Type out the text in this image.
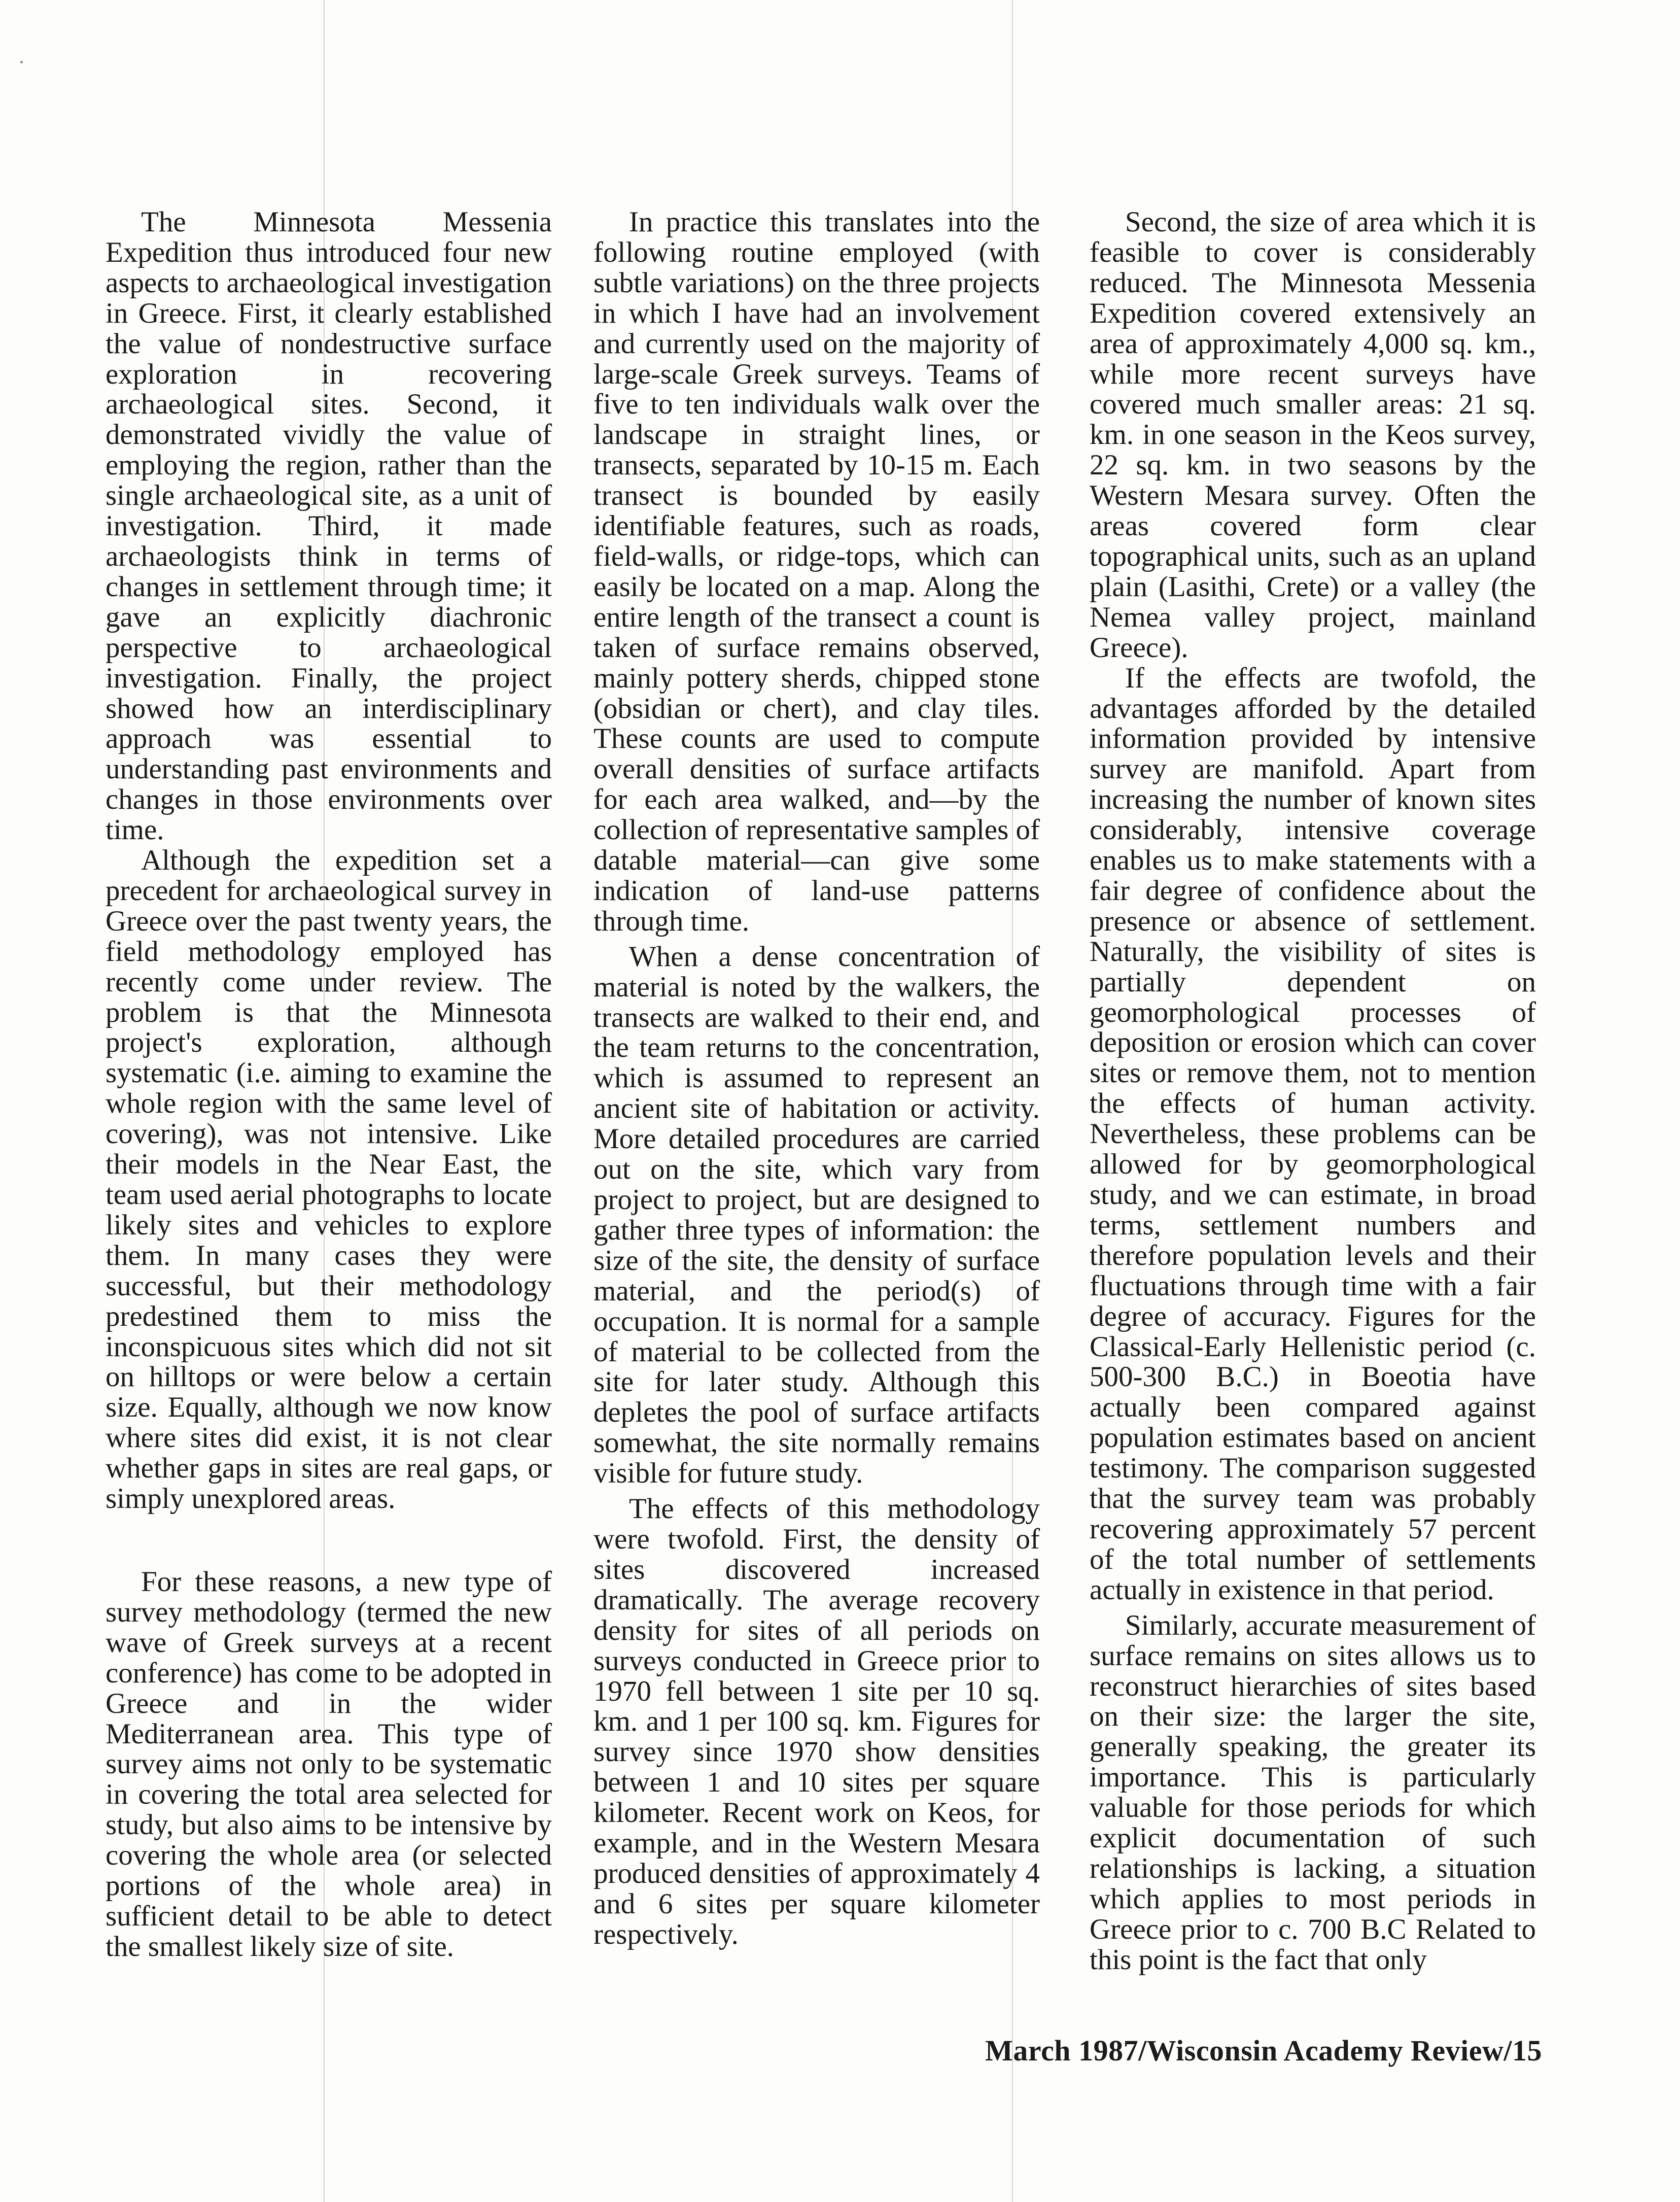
The Minnesota Messenia Expedition thus introduced four new aspects to archaeological investigation in Greece. First, it clearly established the value of nondestructive surface exploration in recovering archaeological sites. Second, it demonstrated vividly the value of employing the region, rather than the single archaeological site, as a unit of investigation. Third, it made archaeologists think in terms of changes in settlement through time; it gave an explicitly diachronic perspective to archaeological investigation. Finally, the project showed how an interdisciplinary approach was essential to understanding past environments and changes in those environments over time.

Although the expedition set a precedent for archaeological survey in Greece over the past twenty years, the field methodology employed has recently come under review. The problem is that the Minnesota project's exploration, although systematic (i.e. aiming to examine the whole region with the same level of covering), was not intensive. Like their models in the Near East, the team used aerial photographs to locate likely sites and vehicles to explore them. In many cases they were successful, but their methodology predestined them to miss the inconspicuous sites which did not sit on hilltops or were below a certain size. Equally, although we now know where sites did exist, it is not clear whether gaps in sites are real gaps, or simply unexplored areas.

For these reasons, a new type of survey methodology (termed the new wave of Greek surveys at a recent conference) has come to be adopted in Greece and in the wider Mediterranean area. This type of survey aims not only to be systematic in covering the total area selected for study, but also aims to be intensive by covering the whole area (or selected portions of the whole area) in sufficient detail to be able to detect the smallest likely size of site.

In practice this translates into the following routine employed (with subtle variations) on the three projects in which I have had an involvement and currently used on the majority of large-scale Greek surveys. Teams of five to ten individuals walk over the landscape in straight lines, or transects, separated by 10-15 m. Each transect is bounded by easily identifiable features, such as roads, field-walls, or ridge-tops, which can easily be located on a map. Along the entire length of the transect a count is taken of surface remains observed, mainly pottery sherds, chipped stone (obsidian or chert), and clay tiles. These counts are used to compute overall densities of surface artifacts for each area walked, and—by the collection of representative samples of datable material—can give some indication of land-use patterns through time.

When a dense concentration of material is noted by the walkers, the transects are walked to their end, and the team returns to the concentration, which is assumed to represent an ancient site of habitation or activity. More detailed procedures are carried out on the site, which vary from project to project, but are designed to gather three types of information: the size of the site, the density of surface material, and the period(s) of occupation. It is normal for a sample of material to be collected from the site for later study. Although this depletes the pool of surface artifacts somewhat, the site normally remains visible for future study.

The effects of this methodology were twofold. First, the density of sites discovered increased dramatically. The average recovery density for sites of all periods on surveys conducted in Greece prior to 1970 fell between 1 site per 10 sq. km. and 1 per 100 sq. km. Figures for survey since 1970 show densities between 1 and 10 sites per square kilometer. Recent work on Keos, for example, and in the Western Mesara produced densities of approximately 4 and 6 sites per square kilometer respectively.

Second, the size of area which it is feasible to cover is considerably reduced. The Minnesota Messenia Expedition covered extensively an area of approximately 4,000 sq. km., while more recent surveys have covered much smaller areas: 21 sq. km. in one season in the Keos survey, 22 sq. km. in two seasons by the Western Mesara survey. Often the areas covered form clear topographical units, such as an upland plain (Lasithi, Crete) or a valley (the Nemea valley project, mainland Greece).

If the effects are twofold, the advantages afforded by the detailed information provided by intensive survey are manifold. Apart from increasing the number of known sites considerably, intensive coverage enables us to make statements with a fair degree of confidence about the presence or absence of settlement. Naturally, the visibility of sites is partially dependent on geomorphological processes of deposition or erosion which can cover sites or remove them, not to mention the effects of human activity. Nevertheless, these problems can be allowed for by geomorphological study, and we can estimate, in broad terms, settlement numbers and therefore population levels and their fluctuations through time with a fair degree of accuracy. Figures for the Classical-Early Hellenistic period (c. 500-300 B.C.) in Boeotia have actually been compared against population estimates based on ancient testimony. The comparison suggested that the survey team was probably recovering approximately 57 percent of the total number of settlements actually in existence in that period.

Similarly, accurate measurement of surface remains on sites allows us to reconstruct hierarchies of sites based on their size: the larger the site, generally speaking, the greater its importance. This is particularly valuable for those periods for which explicit documentation of such relationships is lacking, a situation which applies to most periods in Greece prior to c. 700 B.C Related to this point is the fact that only

March 1987/Wisconsin Academy Review/15
